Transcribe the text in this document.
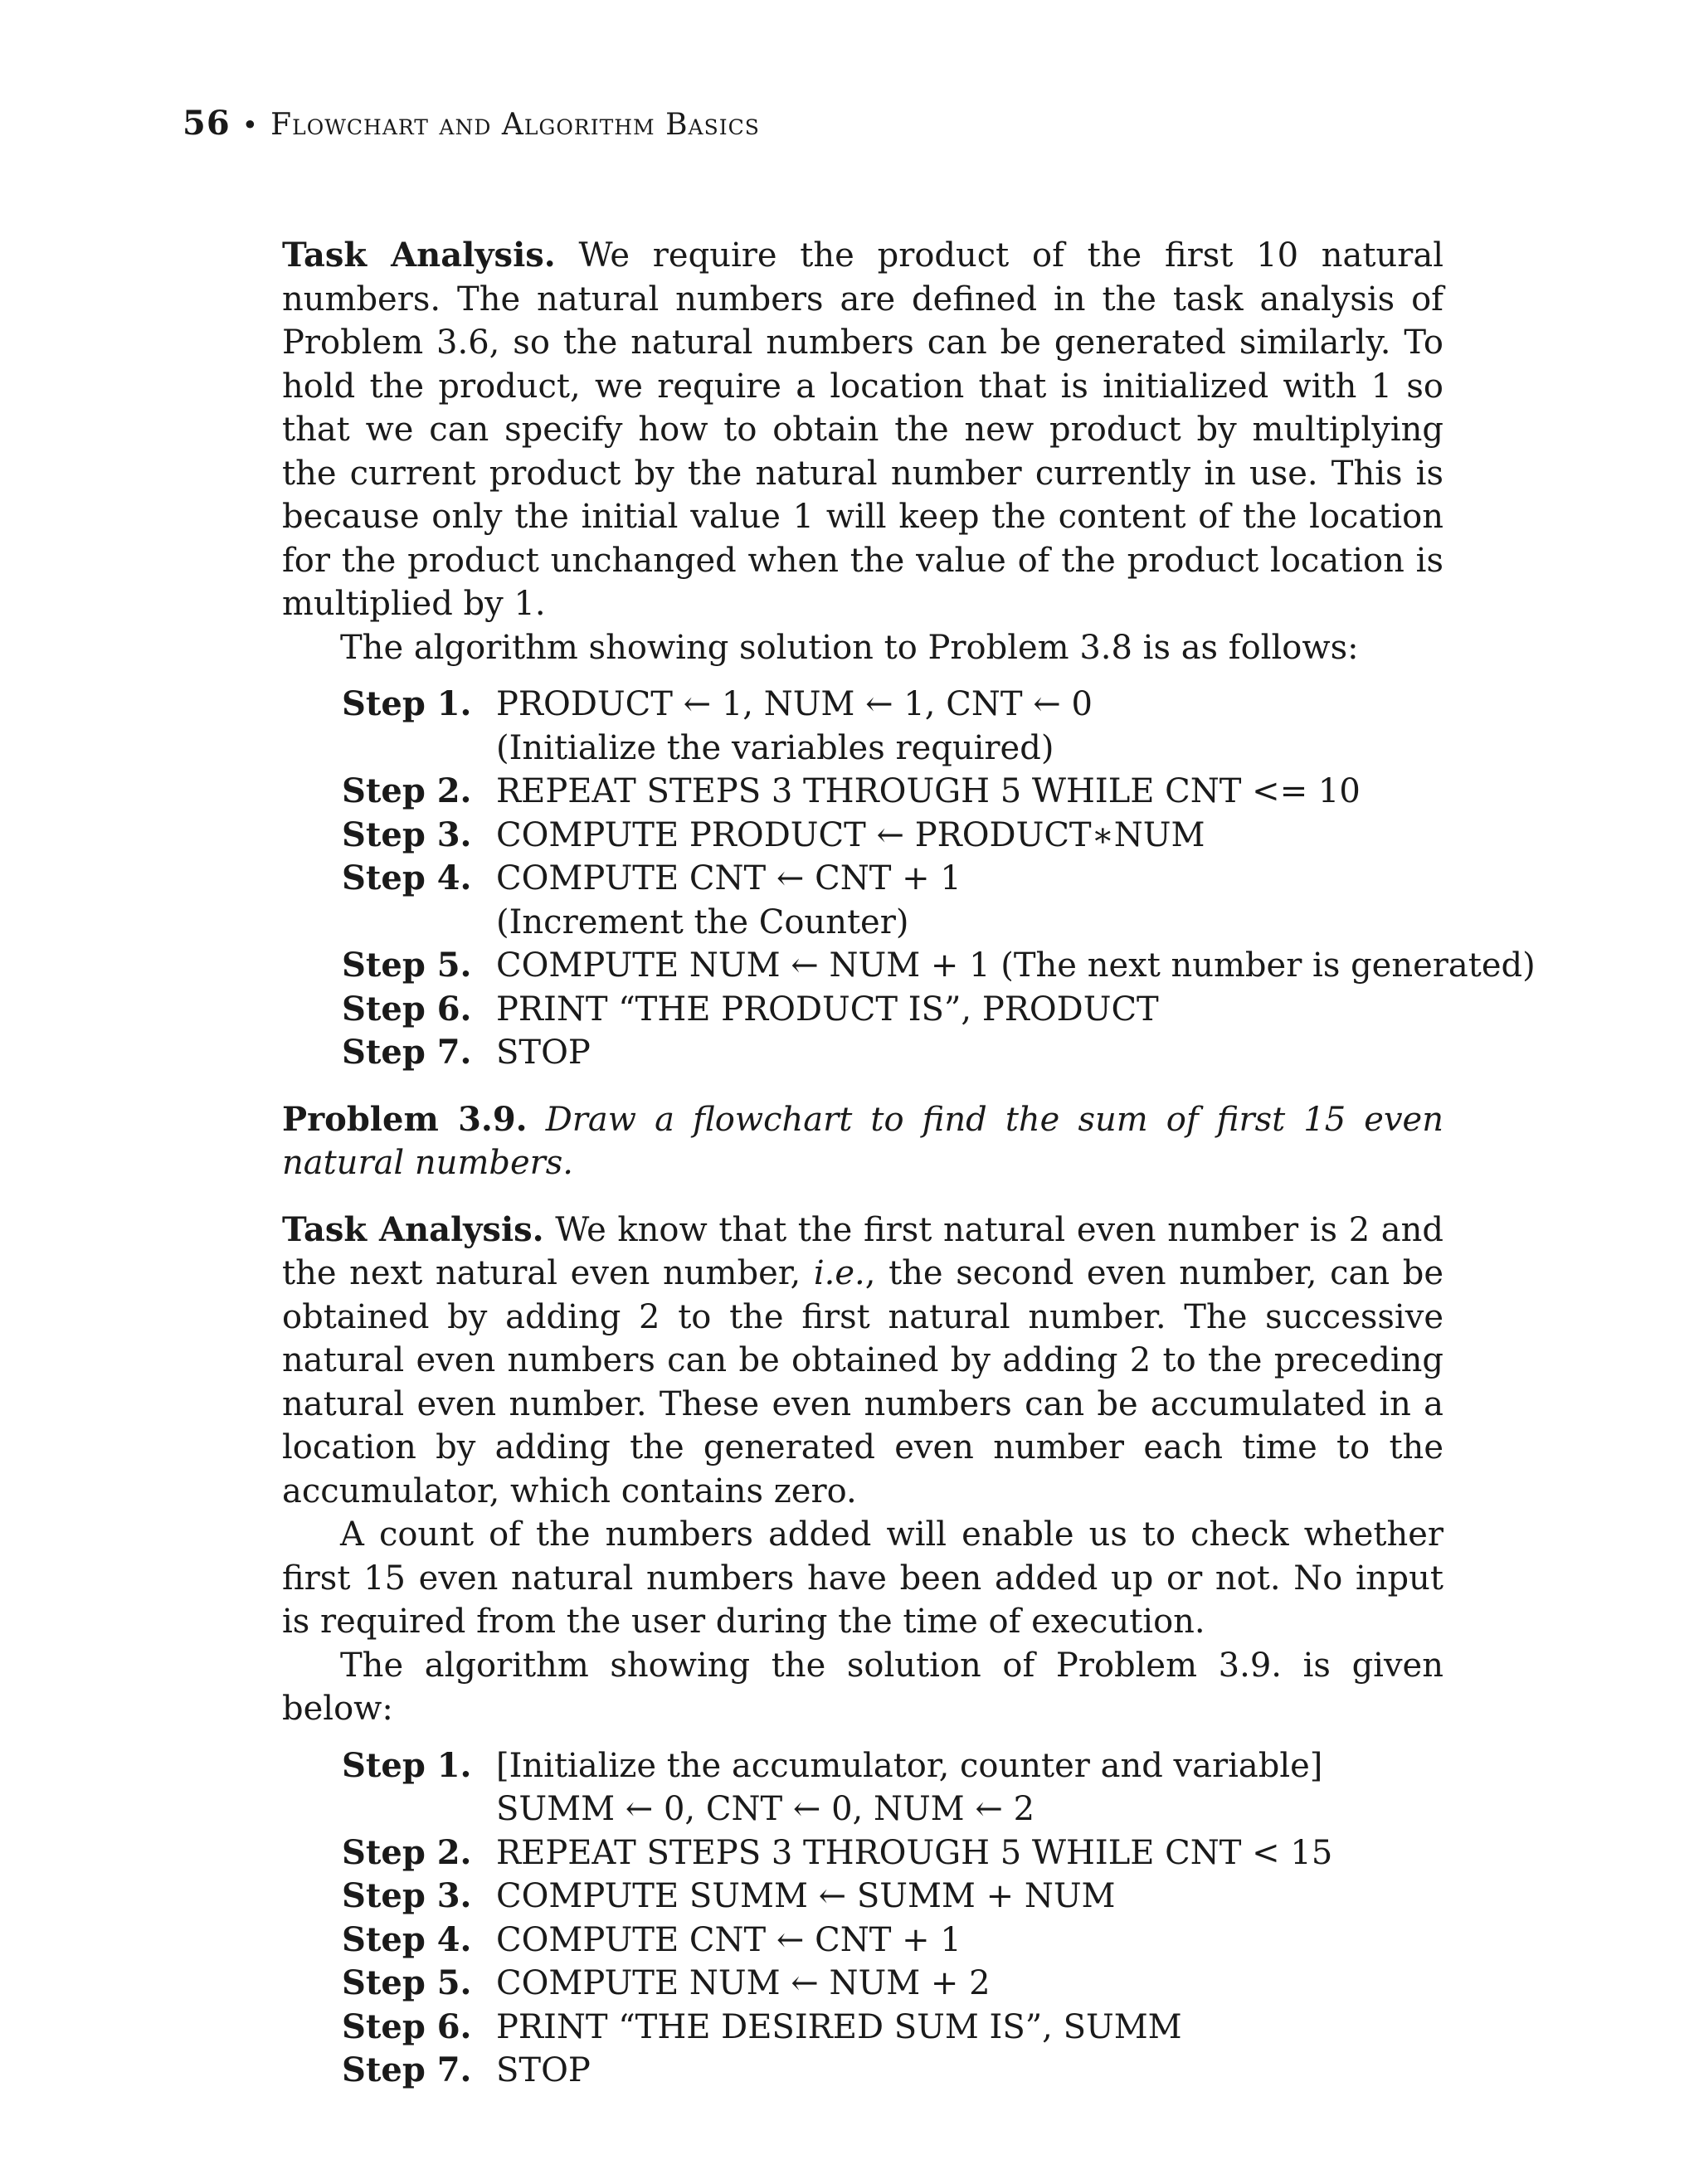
56 • Flowchart and Algorithm Basics

Task Analysis. We require the product of the first 10 natural numbers. The natural numbers are defined in the task analysis of Problem 3.6, so the natural numbers can be generated similarly. To hold the product, we require a location that is initialized with 1 so that we can specify how to obtain the new product by multiplying the current product by the natural number currently in use. This is because only the initial value 1 will keep the content of the location for the product unchanged when the value of the product location is multiplied by 1.

The algorithm showing solution to Problem 3.8 is as follows:

Step 1. PRODUCT ← 1, NUM ← 1, CNT ← 0
(Initialize the variables required)
Step 2. REPEAT STEPS 3 THROUGH 5 WHILE CNT <= 10
Step 3. COMPUTE PRODUCT ← PRODUCT∗NUM
Step 4. COMPUTE CNT ← CNT + 1
(Increment the Counter)
Step 5. COMPUTE NUM ← NUM + 1 (The next number is generated)
Step 6. PRINT “THE PRODUCT IS”, PRODUCT
Step 7. STOP

Problem 3.9. Draw a flowchart to find the sum of first 15 even natural numbers.

Task Analysis. We know that the first natural even number is 2 and the next natural even number, i.e., the second even number, can be obtained by adding 2 to the first natural number. The successive natural even numbers can be obtained by adding 2 to the preceding natural even number. These even numbers can be accumulated in a location by adding the generated even number each time to the accumulator, which contains zero.

A count of the numbers added will enable us to check whether first 15 even natural numbers have been added up or not. No input is required from the user during the time of execution.

The algorithm showing the solution of Problem 3.9. is given below:

Step 1. [Initialize the accumulator, counter and variable]
SUMM ← 0, CNT ← 0, NUM ← 2
Step 2. REPEAT STEPS 3 THROUGH 5 WHILE CNT < 15
Step 3. COMPUTE SUMM ← SUMM + NUM
Step 4. COMPUTE CNT ← CNT + 1
Step 5. COMPUTE NUM ← NUM + 2
Step 6. PRINT “THE DESIRED SUM IS”, SUMM
Step 7. STOP
